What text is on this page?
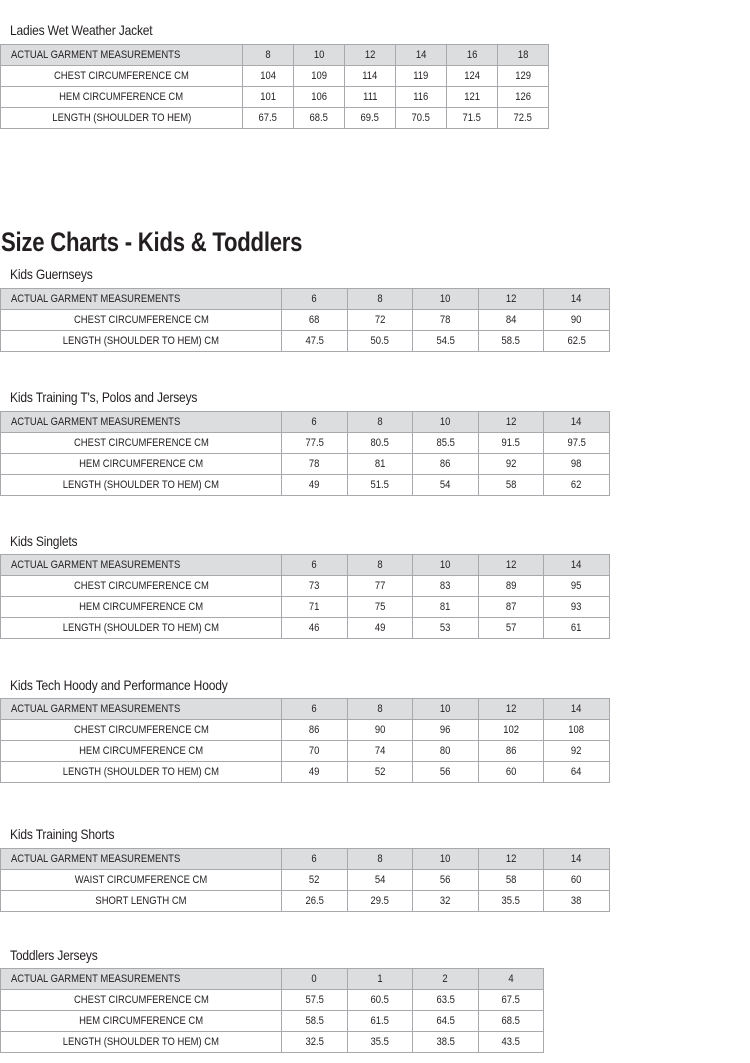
Size Charts - Kids & Toddlers
Ladies Wet Weather Jacket
ACTUAL GARMENT MEASUREMENTS	8	10	12	14	16	18
CHEST CIRCUMFERENCE CM	104	109	114	119	124	129
HEM CIRCUMFERENCE CM	101	106	111	116	121	126
LENGTH (SHOULDER TO HEM)	67.5	68.5	69.5	70.5	71.5	72.5
Kids Guernseys
ACTUAL GARMENT MEASUREMENTS	6	8	10	12	14
CHEST CIRCUMFERENCE CM	68	72	78	84	90
LENGTH (SHOULDER TO HEM) CM	47.5	50.5	54.5	58.5	62.5
Kids Training T's, Polos and Jerseys
ACTUAL GARMENT MEASUREMENTS	6	8	10	12	14
CHEST CIRCUMFERENCE CM	77.5	80.5	85.5	91.5	97.5
HEM CIRCUMFERENCE CM	78	81	86	92	98
LENGTH (SHOULDER TO HEM) CM	49	51.5	54	58	62
Kids Singlets
ACTUAL GARMENT MEASUREMENTS	6	8	10	12	14
CHEST CIRCUMFERENCE CM	73	77	83	89	95
HEM CIRCUMFERENCE CM	71	75	81	87	93
LENGTH (SHOULDER TO HEM) CM	46	49	53	57	61
Kids Tech Hoody and Performance Hoody
ACTUAL GARMENT MEASUREMENTS	6	8	10	12	14
CHEST CIRCUMFERENCE CM	86	90	96	102	108
HEM CIRCUMFERENCE CM	70	74	80	86	92
LENGTH (SHOULDER TO HEM) CM	49	52	56	60	64
Kids Training Shorts
ACTUAL GARMENT MEASUREMENTS	6	8	10	12	14
WAIST CIRCUMFERENCE CM	52	54	56	58	60
SHORT LENGTH CM	26.5	29.5	32	35.5	38
Toddlers Jerseys
ACTUAL GARMENT MEASUREMENTS	0	1	2	4
CHEST CIRCUMFERENCE CM	57.5	60.5	63.5	67.5
HEM CIRCUMFERENCE CM	58.5	61.5	64.5	68.5
LENGTH (SHOULDER TO HEM) CM	32.5	35.5	38.5	43.5
